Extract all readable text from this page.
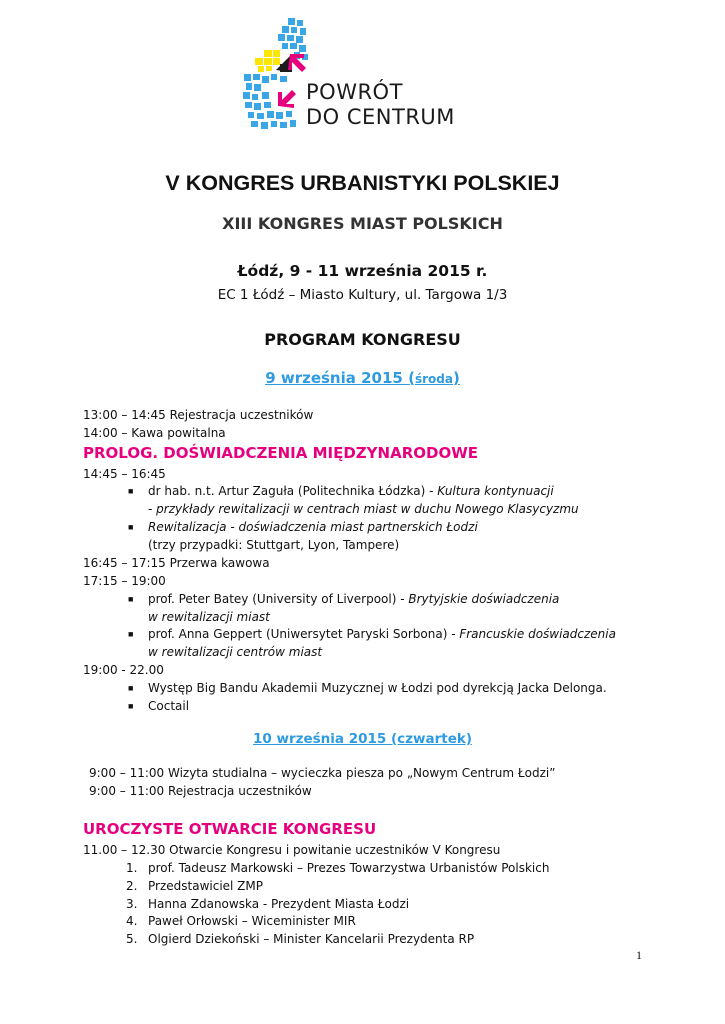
POWRÓT
DO CENTRUM
V KONGRES URBANISTYKI POLSKIEJ
XIII KONGRES MIAST POLSKICH
Łódź, 9 - 11 września 2015 r.
EC 1 Łódź – Miasto Kultury, ul. Targowa 1/3
PROGRAM KONGRESU
9 września 2015 (środa)
13:00 – 14:45 Rejestracja uczestników
14:00 – Kawa powitalna
PROLOG. DOŚWIADCZENIA MIĘDZYNARODOWE
14:45 – 16:45
■ dr hab. n.t. Artur Zaguła (Politechnika Łódzka) - Kultura kontynuacji
- przykłady rewitalizacji w centrach miast w duchu Nowego Klasycyzmu
■ Rewitalizacja - doświadczenia miast partnerskich Łodzi
(trzy przypadki: Stuttgart, Lyon, Tampere)
16:45 – 17:15 Przerwa kawowa
17:15 – 19:00
■ prof. Peter Batey (University of Liverpool) - Brytyjskie doświadczenia
w rewitalizacji miast
■ prof. Anna Geppert (Uniwersytet Paryski Sorbona) - Francuskie doświadczenia
w rewitalizacji centrów miast
19:00 - 22.00
■ Występ Big Bandu Akademii Muzycznej w Łodzi pod dyrekcją Jacka Delonga.
■ Coctail
10 września 2015 (czwartek)
9:00 – 11:00 Wizyta studialna – wycieczka piesza po „Nowym Centrum Łodzi”
9:00 – 11:00 Rejestracja uczestników
UROCZYSTE OTWARCIE KONGRESU
11.00 – 12.30 Otwarcie Kongresu i powitanie uczestników V Kongresu
1. prof. Tadeusz Markowski – Prezes Towarzystwa Urbanistów Polskich
2. Przedstawiciel ZMP
3. Hanna Zdanowska - Prezydent Miasta Łodzi
4. Paweł Orłowski – Wiceminister MIR
5. Olgierd Dziekoński – Minister Kancelarii Prezydenta RP
1
